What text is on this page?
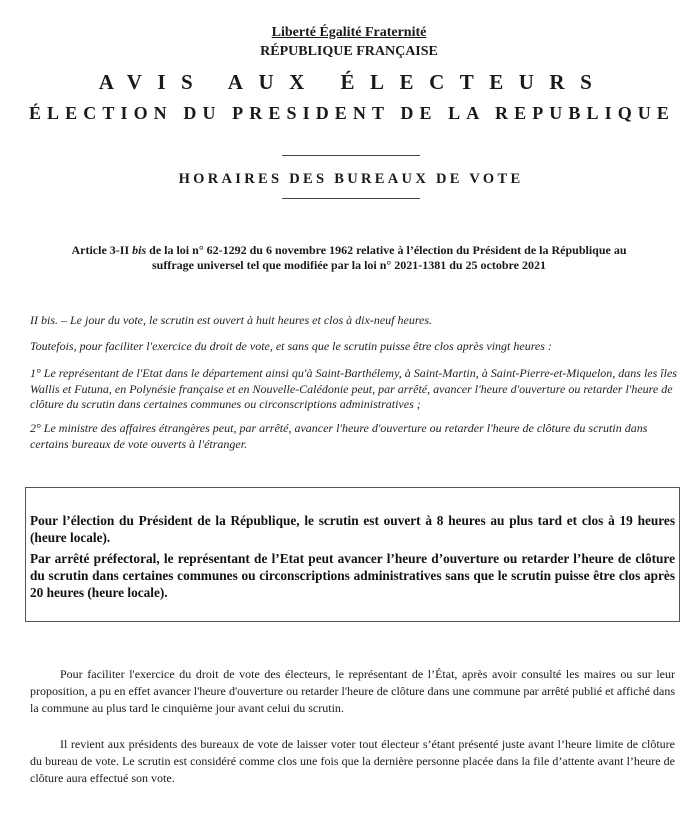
Liberté Égalité Fraternité
RÉPUBLIQUE FRANÇAISE
AVIS AUX ÉLECTEURS
ÉLECTION DU PRESIDENT DE LA REPUBLIQUE
HORAIRES DES BUREAUX DE VOTE
Article 3-II bis de la loi n° 62-1292 du 6 novembre 1962 relative à l’élection du Président de la République au suffrage universel tel que modifiée par la loi n° 2021-1381 du 25 octobre 2021
II bis. – Le jour du vote, le scrutin est ouvert à huit heures et clos à dix-neuf heures.
Toutefois, pour faciliter l'exercice du droit de vote, et sans que le scrutin puisse être clos après vingt heures :
1° Le représentant de l'Etat dans le département ainsi qu'à Saint-Barthélemy, à Saint-Martin, à Saint-Pierre-et-Miquelon, dans les îles Wallis et Futuna, en Polynésie française et en Nouvelle-Calédonie peut, par arrêté, avancer l'heure d'ouverture ou retarder l'heure de clôture du scrutin dans certaines communes ou circonscriptions administratives ;
2° Le ministre des affaires étrangères peut, par arrêté, avancer l'heure d'ouverture ou retarder l'heure de clôture du scrutin dans certains bureaux de vote ouverts à l'étranger.
Pour l’élection du Président de la République, le scrutin est ouvert à 8 heures au plus tard et clos à 19 heures (heure locale).
Par arrêté préfectoral, le représentant de l’Etat peut avancer l’heure d’ouverture ou retarder l’heure de clôture du scrutin dans certaines communes ou circonscriptions administratives sans que le scrutin puisse être clos après 20 heures (heure locale).
Pour faciliter l'exercice du droit de vote des électeurs, le représentant de l’État, après avoir consulté les maires ou sur leur proposition, a pu en effet avancer l'heure d'ouverture ou retarder l'heure de clôture dans une commune par arrêté publié et affiché dans la commune au plus tard le cinquième jour avant celui du scrutin.
Il revient aux présidents des bureaux de vote de laisser voter tout électeur s’étant présenté juste avant l’heure limite de clôture du bureau de vote. Le scrutin est considéré comme clos une fois que la dernière personne placée dans la file d’attente avant l’heure de clôture aura effectué son vote.
